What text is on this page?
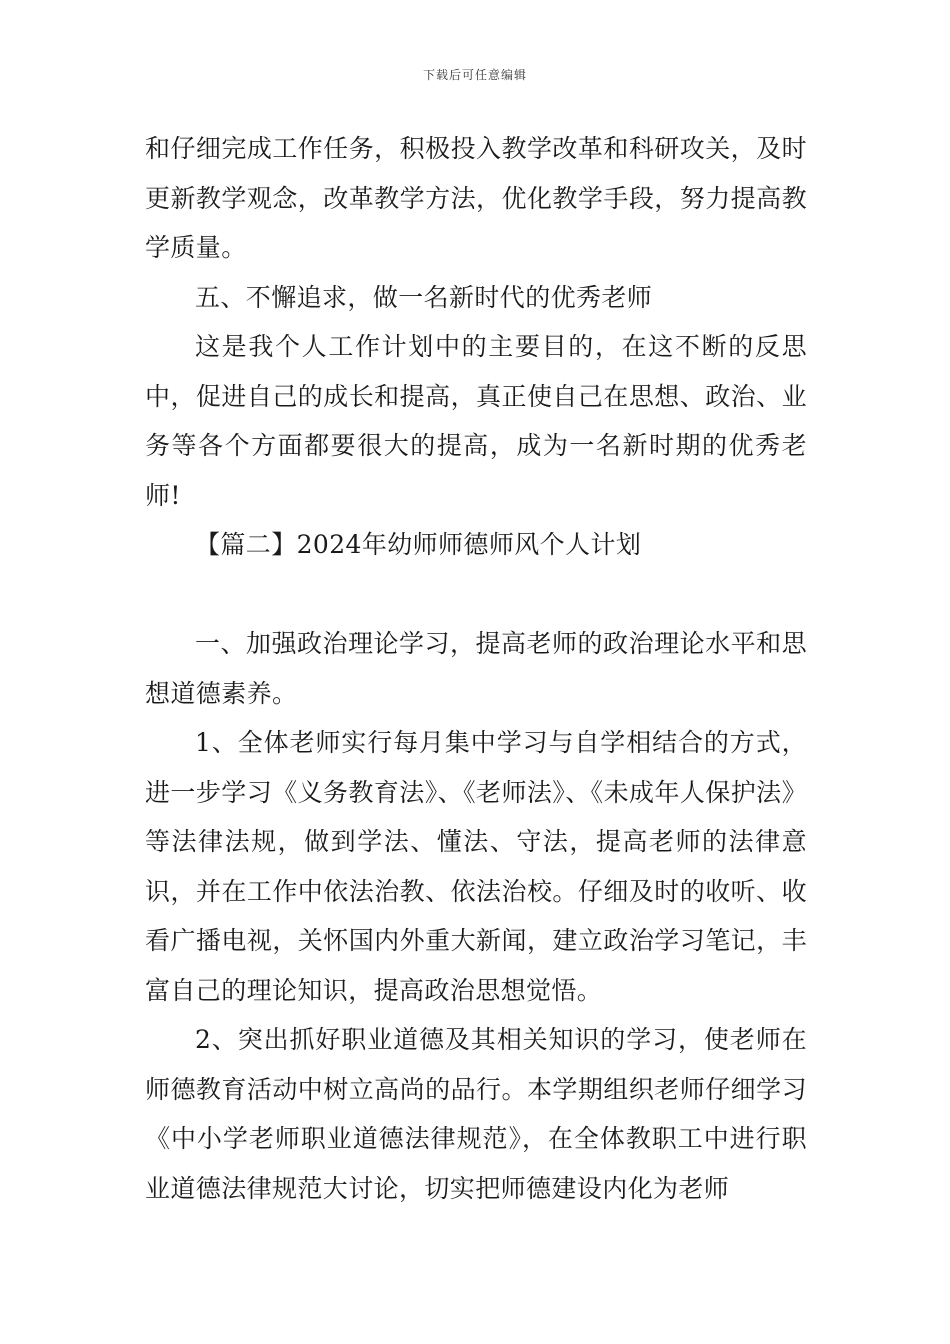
下载后可任意编辑

和仔细完成工作任务，积极投入教学改革和科研攻关，及时更新教学观念，改革教学方法，优化教学手段，努力提高教学质量。

五、不懈追求，做一名新时代的优秀老师

这是我个人工作计划中的主要目的，在这不断的反思中，促进自己的成长和提高，真正使自己在思想、政治、业务等各个方面都要很大的提高，成为一名新时期的优秀老师!

【篇二】2024年幼师师德师风个人计划

一、加强政治理论学习，提高老师的政治理论水平和思想道德素养。

1、全体老师实行每月集中学习与自学相结合的方式，进一步学习《义务教育法》、《老师法》、《未成年人保护法》等法律法规，做到学法、懂法、守法，提高老师的法律意识，并在工作中依法治教、依法治校。仔细及时的收听、收看广播电视，关怀国内外重大新闻，建立政治学习笔记，丰富自己的理论知识，提高政治思想觉悟。

2、突出抓好职业道德及其相关知识的学习，使老师在师德教育活动中树立高尚的品行。本学期组织老师仔细学习《中小学老师职业道德法律规范》，在全体教职工中进行职业道德法律规范大讨论，切实把师德建设内化为老师
